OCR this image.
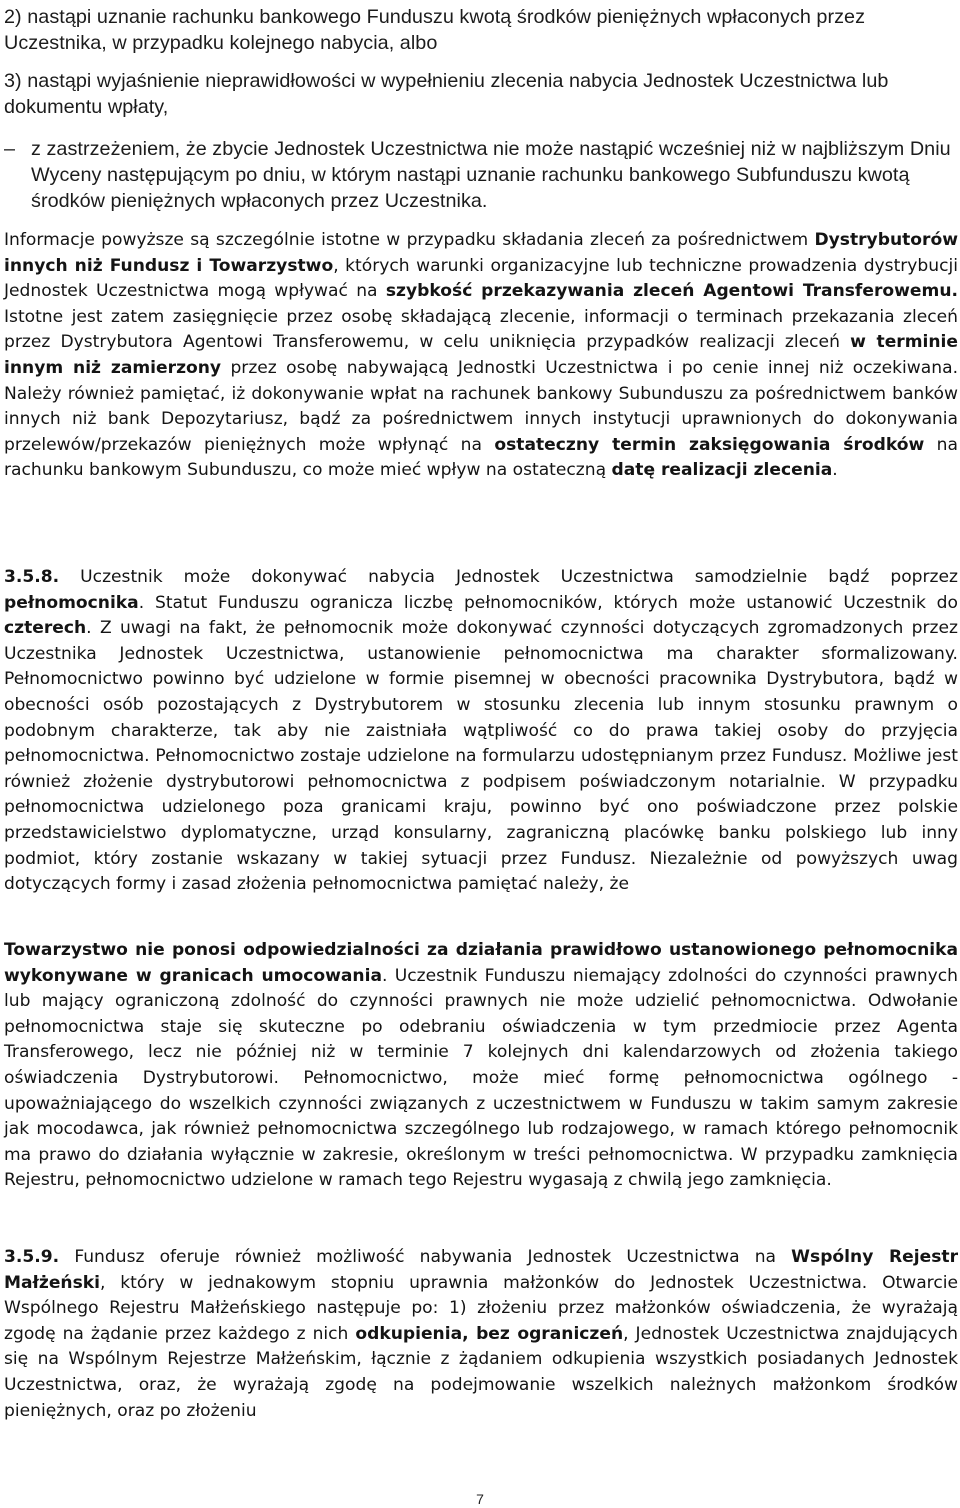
2) nastąpi uznanie rachunku bankowego Funduszu kwotą środków pieniężnych wpłaconych przez Uczestnika, w przypadku kolejnego nabycia, albo

3) nastąpi wyjaśnienie nieprawidłowości w wypełnieniu zlecenia nabycia Jednostek Uczestnictwa lub dokumentu wpłaty,

– z zastrzeżeniem, że zbycie Jednostek Uczestnictwa nie może nastąpić wcześniej niż w najbliższym Dniu Wyceny następującym po dniu, w którym nastąpi uznanie rachunku bankowego Subfunduszu kwotą środków pieniężnych wpłaconych przez Uczestnika.

Informacje powyższe są szczególnie istotne w przypadku składania zleceń za pośrednictwem Dystrybutorów innych niż Fundusz i Towarzystwo, których warunki organizacyjne lub techniczne prowadzenia dystrybucji Jednostek Uczestnictwa mogą wpływać na szybkość przekazywania zleceń Agentowi Transferowemu. Istotne jest zatem zasięgnięcie przez osobę składającą zlecenie, informacji o terminach przekazania zleceń przez Dystrybutora Agentowi Transferowemu, w celu uniknięcia przypadków realizacji zleceń w terminie innym niż zamierzony przez osobę nabywającą Jednostki Uczestnictwa i po cenie innej niż oczekiwana. Należy również pamiętać, iż dokonywanie wpłat na rachunek bankowy Subunduszu za pośrednictwem banków innych niż bank Depozytariusz, bądź za pośrednictwem innych instytucji uprawnionych do dokonywania przelewów/przekazów pieniężnych może wpłynąć na ostateczny termin zaksięgowania środków na rachunku bankowym Subunduszu, co może mieć wpływ na ostateczną datę realizacji zlecenia.

3.5.8. Uczestnik może dokonywać nabycia Jednostek Uczestnictwa samodzielnie bądź poprzez pełnomocnika. Statut Funduszu ogranicza liczbę pełnomocników, których może ustanowić Uczestnik do czterech. Z uwagi na fakt, że pełnomocnik może dokonywać czynności dotyczących zgromadzonych przez Uczestnika Jednostek Uczestnictwa, ustanowienie pełnomocnictwa ma charakter sformalizowany. Pełnomocnictwo powinno być udzielone w formie pisemnej w obecności pracownika Dystrybutora, bądź w obecności osób pozostających z Dystrybutorem w stosunku zlecenia lub innym stosunku prawnym o podobnym charakterze, tak aby nie zaistniała wątpliwość co do prawa takiej osoby do przyjęcia pełnomocnictwa. Pełnomocnictwo zostaje udzielone na formularzu udostępnianym przez Fundusz. Możliwe jest również złożenie dystrybutorowi pełnomocnictwa z podpisem poświadczonym notarialnie. W przypadku pełnomocnictwa udzielonego poza granicami kraju, powinno być ono poświadczone przez polskie przedstawicielstwo dyplomatyczne, urząd konsularny, zagraniczną placówkę banku polskiego lub inny podmiot, który zostanie wskazany w takiej sytuacji przez Fundusz. Niezależnie od powyższych uwag dotyczących formy i zasad złożenia pełnomocnictwa pamiętać należy, że

Towarzystwo nie ponosi odpowiedzialności za działania prawidłowo ustanowionego pełnomocnika wykonywane w granicach umocowania. Uczestnik Funduszu niemający zdolności do czynności prawnych lub mający ograniczoną zdolność do czynności prawnych nie może udzielić pełnomocnictwa. Odwołanie pełnomocnictwa staje się skuteczne po odebraniu oświadczenia w tym przedmiocie przez Agenta Transferowego, lecz nie później niż w terminie 7 kolejnych dni kalendarzowych od złożenia takiego oświadczenia Dystrybutorowi. Pełnomocnictwo, może mieć formę pełnomocnictwa ogólnego - upoważniającego do wszelkich czynności związanych z uczestnictwem w Funduszu w takim samym zakresie jak mocodawca, jak również pełnomocnictwa szczególnego lub rodzajowego, w ramach którego pełnomocnik ma prawo do działania wyłącznie w zakresie, określonym w treści pełnomocnictwa. W przypadku zamknięcia Rejestru, pełnomocnictwo udzielone w ramach tego Rejestru wygasają z chwilą jego zamknięcia.

3.5.9. Fundusz oferuje również możliwość nabywania Jednostek Uczestnictwa na Wspólny Rejestr Małżeński, który w jednakowym stopniu uprawnia małżonków do Jednostek Uczestnictwa. Otwarcie Wspólnego Rejestru Małżeńskiego następuje po: 1) złożeniu przez małżonków oświadczenia, że wyrażają zgodę na żądanie przez każdego z nich odkupienia, bez ograniczeń, Jednostek Uczestnictwa znajdujących się na Wspólnym Rejestrze Małżeńskim, łącznie z żądaniem odkupienia wszystkich posiadanych Jednostek Uczestnictwa, oraz, że wyrażają zgodę na podejmowanie wszelkich należnych małżonkom środków pieniężnych, oraz po złożeniu

7
